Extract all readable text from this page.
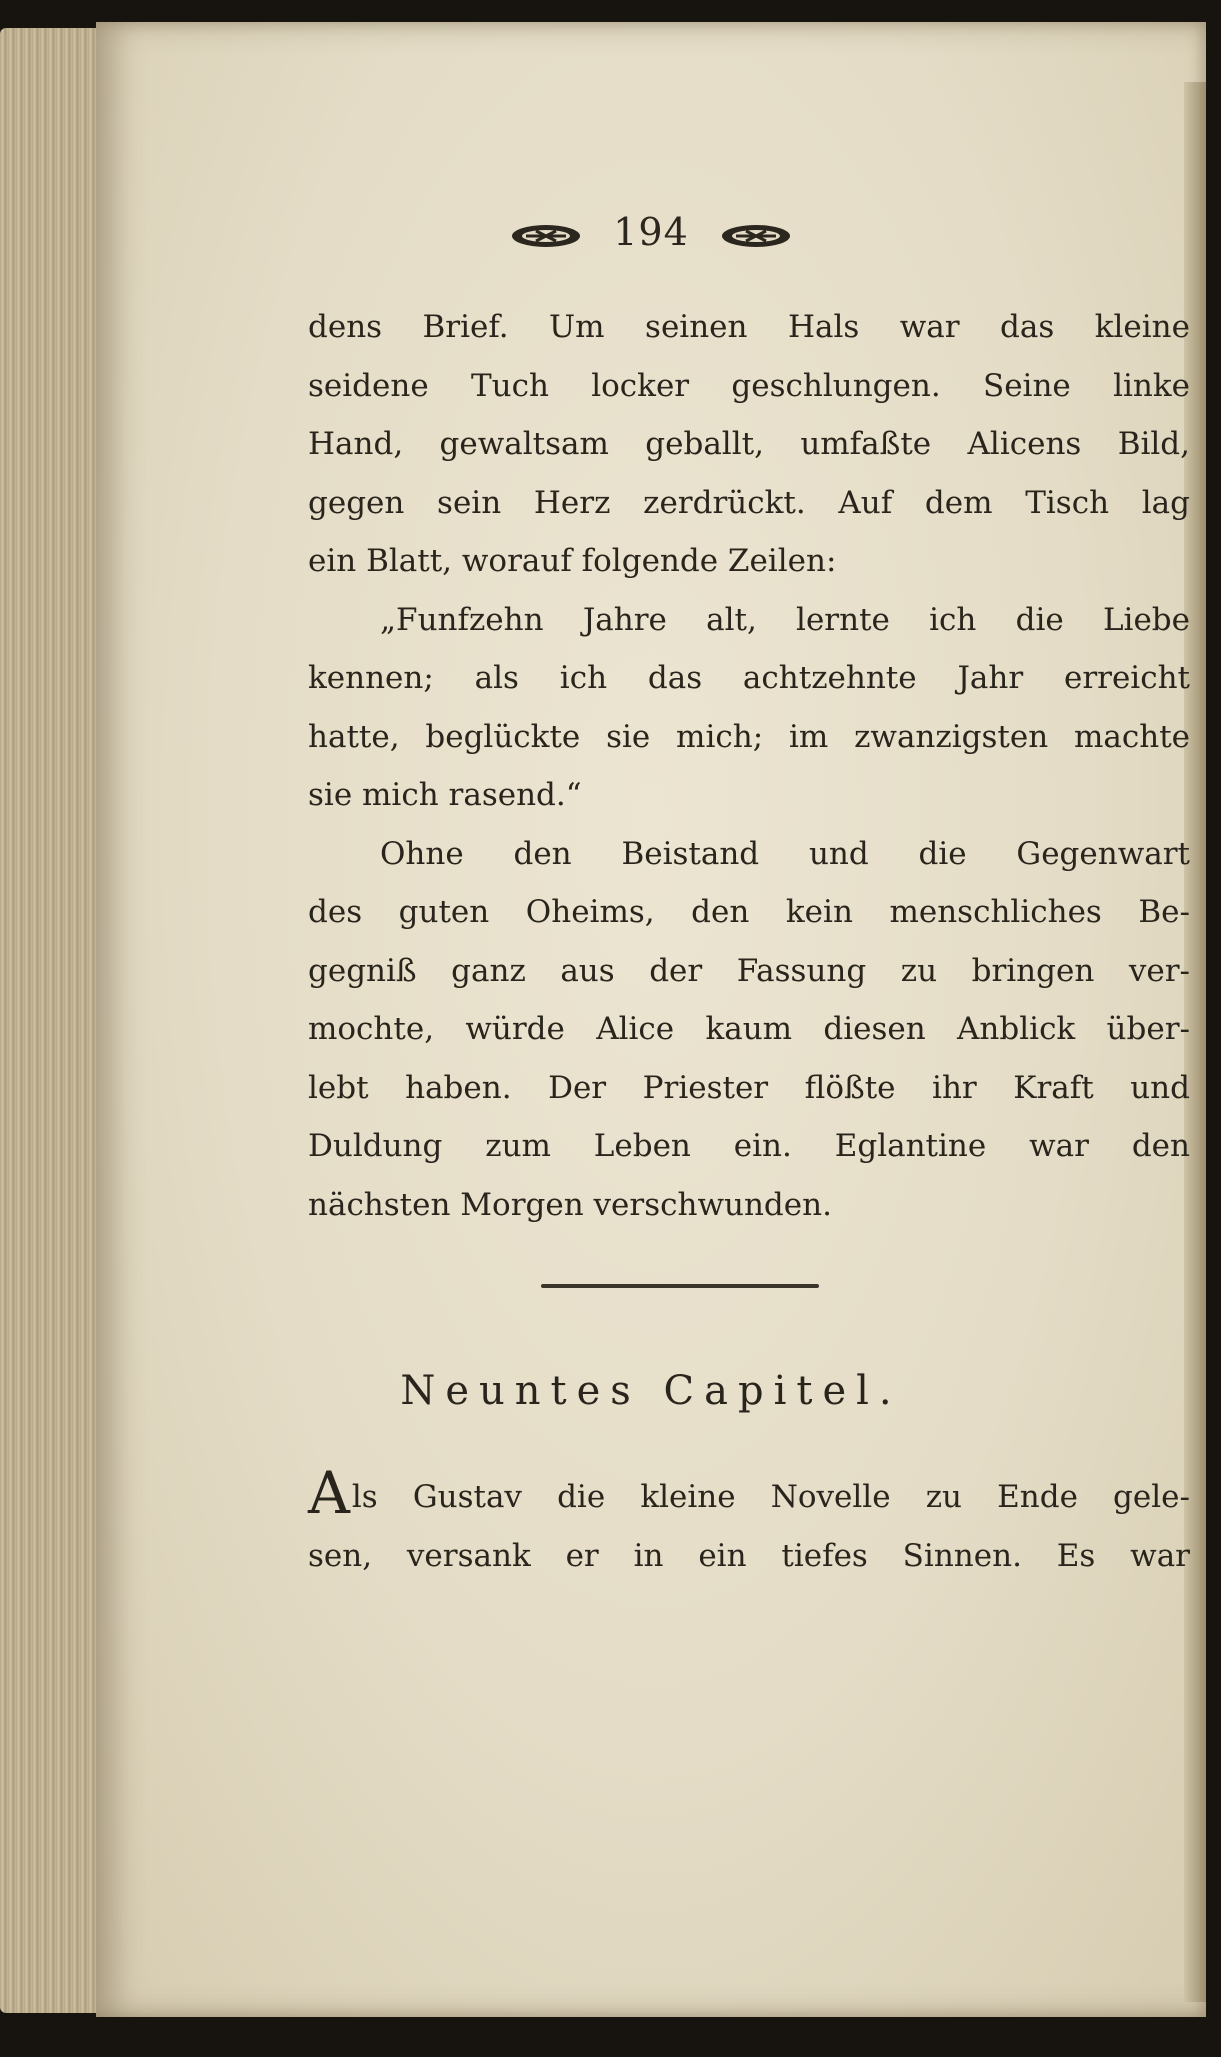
194
dens Brief. Um seinen Hals war das kleine
seidene Tuch locker geschlungen. Seine linke
Hand, gewaltsam geballt, umfaßte Alicens Bild,
gegen sein Herz zerdrückt. Auf dem Tisch lag
ein Blatt, worauf folgende Zeilen:
„Funfzehn Jahre alt, lernte ich die Liebe
kennen; als ich das achtzehnte Jahr erreicht
hatte, beglückte sie mich; im zwanzigsten machte
sie mich rasend.“
Ohne den Beistand und die Gegenwart
des guten Oheims, den kein menschliches Be-
gegniß ganz aus der Fassung zu bringen ver-
mochte, würde Alice kaum diesen Anblick über-
lebt haben. Der Priester flößte ihr Kraft und
Duldung zum Leben ein. Eglantine war den
nächsten Morgen verschwunden.
Neuntes Capitel.
Als Gustav die kleine Novelle zu Ende gele-
sen, versank er in ein tiefes Sinnen. Es war
